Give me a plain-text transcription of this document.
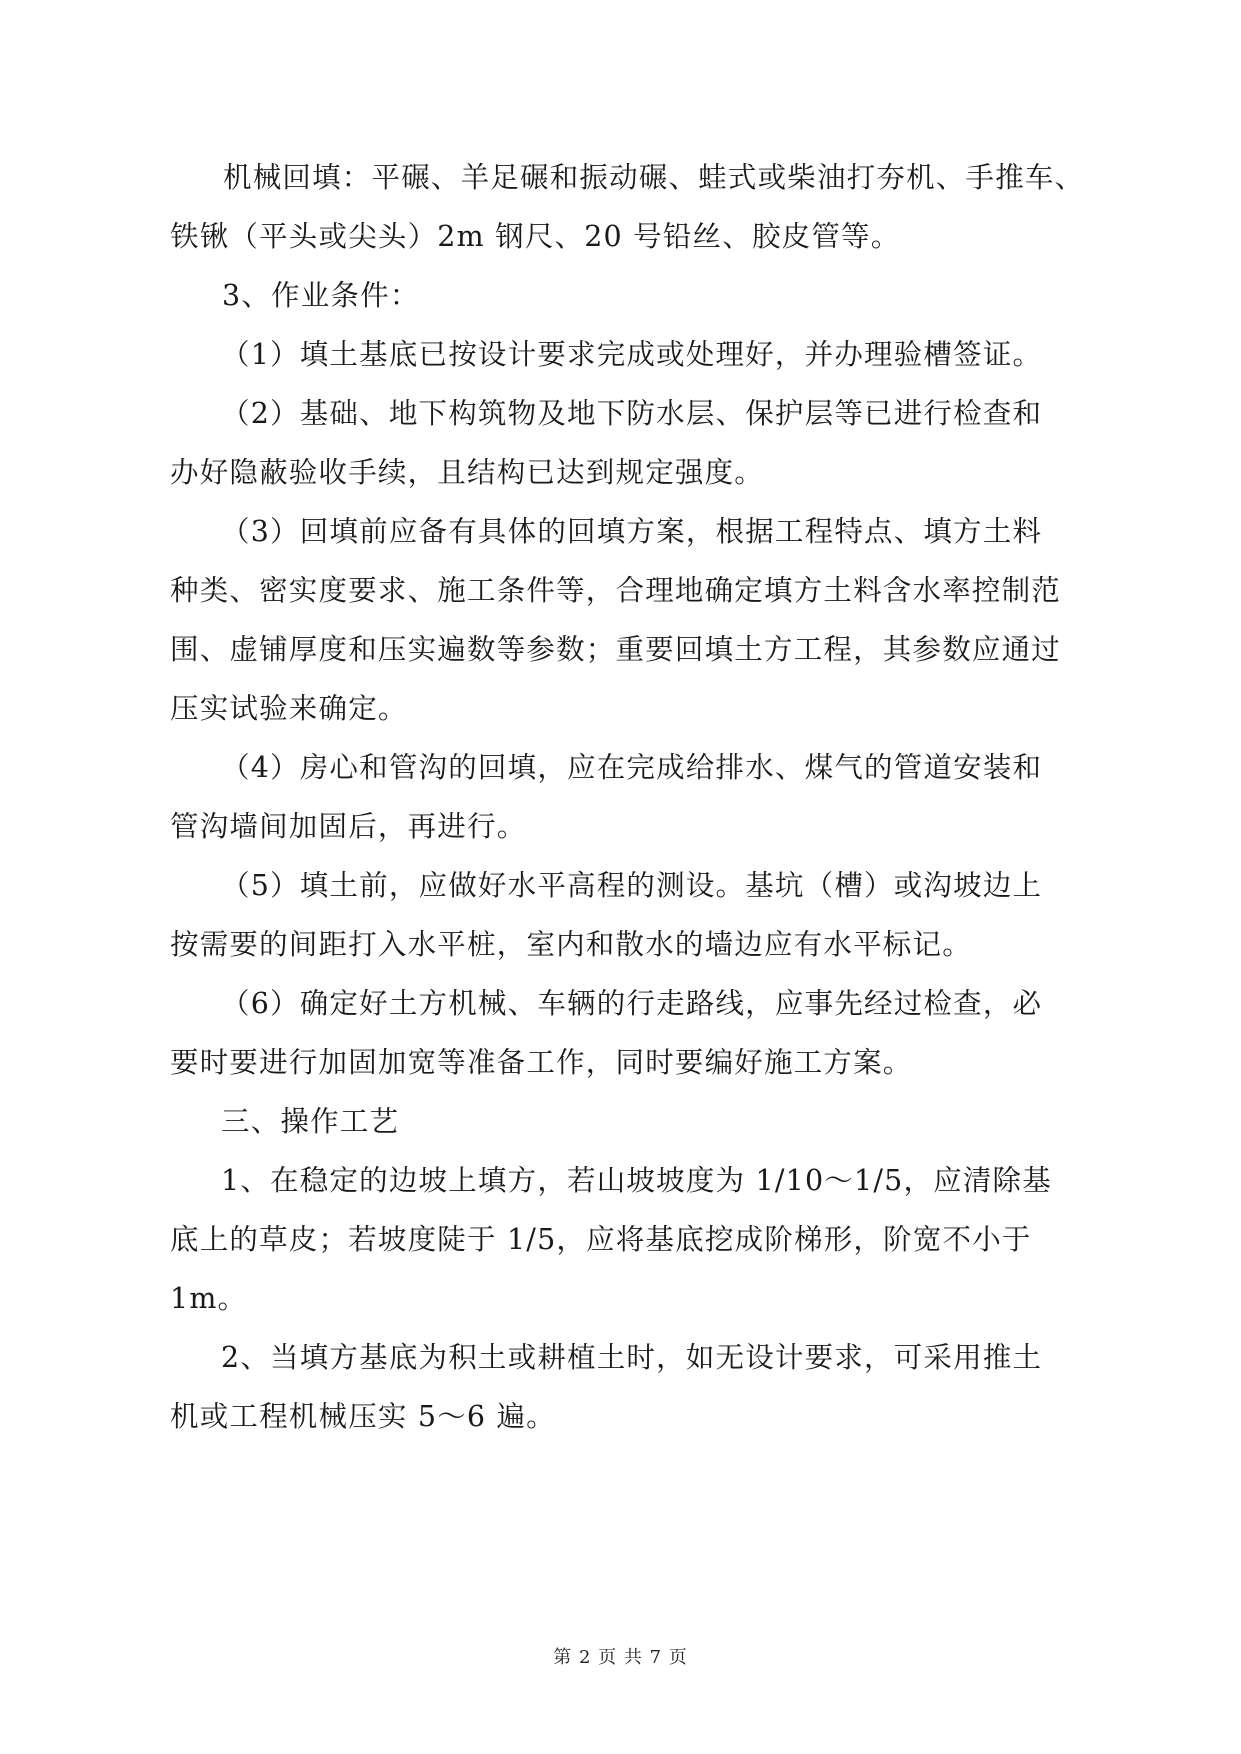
机械回填：平碾、羊足碾和振动碾、蛙式或柴油打夯机、手推车、
铁锹（平头或尖头）2m 钢尺、20 号铅丝、胶皮管等。
3、作业条件：
（1）填土基底已按设计要求完成或处理好，并办理验槽签证。
（2）基础、地下构筑物及地下防水层、保护层等已进行检查和
办好隐蔽验收手续，且结构已达到规定强度。
（3）回填前应备有具体的回填方案，根据工程特点、填方土料
种类、密实度要求、施工条件等，合理地确定填方土料含水率控制范
围、虚铺厚度和压实遍数等参数；重要回填土方工程，其参数应通过
压实试验来确定。
（4）房心和管沟的回填，应在完成给排水、煤气的管道安装和
管沟墙间加固后，再进行。
（5）填土前，应做好水平高程的测设。基坑（槽）或沟坡边上
按需要的间距打入水平桩，室内和散水的墙边应有水平标记。
（6）确定好土方机械、车辆的行走路线，应事先经过检查，必
要时要进行加固加宽等准备工作，同时要编好施工方案。
三、操作工艺
1、在稳定的边坡上填方，若山坡坡度为 1/10～1/5，应清除基
底上的草皮；若坡度陡于 1/5，应将基底挖成阶梯形，阶宽不小于
1m。
2、当填方基底为积土或耕植土时，如无设计要求，可采用推土
机或工程机械压实 5～6 遍。
第 2 页 共 7 页
